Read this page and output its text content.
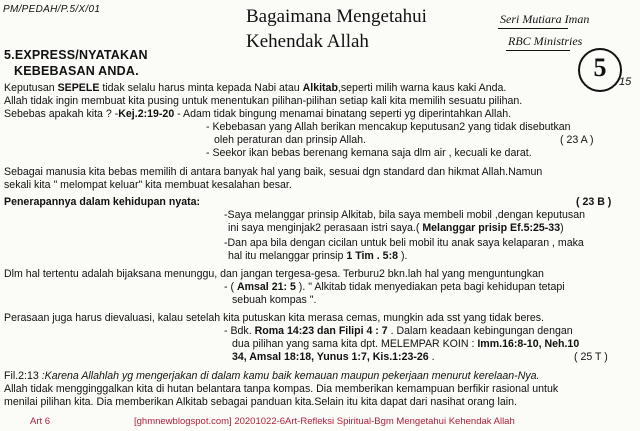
PM/PEDAH/P.5/X/01	Bagaimana Mengetahui
Kehendak Allah
Seri Mutiara Iman
RBC Ministries
5 /15
5.EXPRESS/NYATAKAN
KEBEBASAN ANDA.
Keputusan SEPELE tidak selalu harus minta kepada Nabi atau Alkitab,seperti milih warna kaus kaki Anda.
Allah tidak ingin membuat kita pusing untuk menentukan pilihan-pilihan setiap kali kita memilih sesuatu pilihan.
Sebebas apakah kita ? -Kej.2:19-20 - Adam tidak bingung menamai binatang seperti yg diperintahkan Allah.
- Kebebasan yang Allah berikan mencakup keputusan2 yang tidak disebutkan
oleh peraturan dan prinsip Allah.	( 23 A )
- Seekor ikan bebas berenang kemana saja dlm air , kecuali ke darat.
Sebagai manusia kita bebas memilih di antara banyak hal yang baik, sesuai dgn standard dan hikmat Allah.Namun
sekali kita " melompat keluar" kita membuat kesalahan besar.
Penerapannya dalam kehidupan nyata:	( 23 B )
-Saya melanggar prinsip Alkitab, bila saya membeli mobil ,dengan keputusan
ini saya menginjak2 perasaan istri saya.( Melanggar prisip Ef.5:25-33)
-Dan apa bila dengan cicilan untuk beli mobil itu anak saya kelaparan , maka
hal itu melanggar prinsip 1 Tim . 5:8 ).
Dlm hal tertentu adalah bijaksana menunggu, dan jangan tergesa-gesa. Terburu2 bkn.lah hal yang menguntungkan
- ( Amsal 21: 5 ). " Alkitab tidak menyediakan peta bagi kehidupan tetapi
sebuah kompas ".
Perasaan juga harus dievaluasi, kalau setelah kita putuskan kita merasa cemas, mungkin ada sst yang tidak beres.
- Bdk. Roma 14:23 dan Filipi 4 : 7 . Dalam keadaan kebingungan dengan
dua pilihan yang sama kita dpt. MELEMPAR KOIN : Imm.16:8-10, Neh.10
34, Amsal 18:18, Yunus 1:7, Kis.1:23-26 .	( 25 T )
Fil.2:13 :Karena Allahlah yg mengerjakan di dalam kamu baik kemauan maupun pekerjaan menurut kerelaan-Nya.
Allah tidak mengginggalkan kita di hutan belantara tanpa kompas. Dia memberikan kemampuan berfikir rasional untuk
menilai pilihan kita. Dia memberikan Alkitab sebagai panduan kita.Selain itu kita dapat dari nasihat orang lain.
Art 6	[ghmnewblogspot.com] 20201022-6Art-Refleksi Spiritual-Bgm Mengetahui Kehendak Allah
